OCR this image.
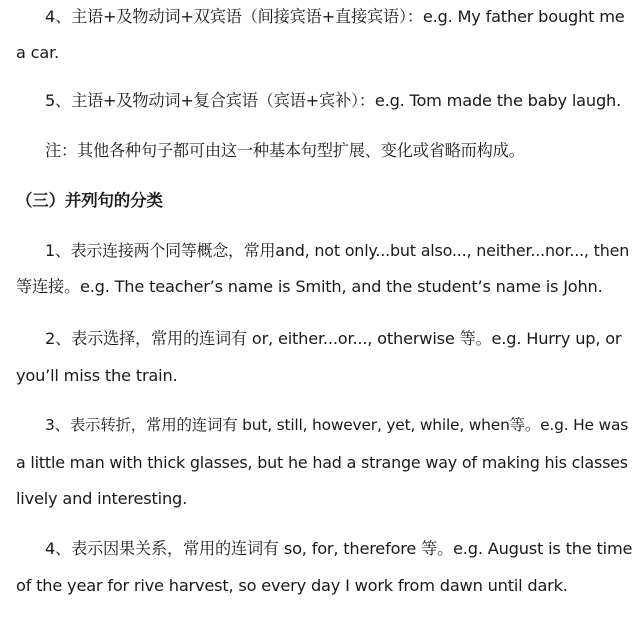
4、主语+及物动词+双宾语（间接宾语+直接宾语）：e.g. My father bought me
a car.
5、主语+及物动词+复合宾语（宾语+宾补）：e.g. Tom made the baby laugh.
注：其他各种句子都可由这一种基本句型扩展、变化或省略而构成。
（三）并列句的分类
1、表示连接两个同等概念，常用and, not only...but also..., neither...nor..., then
等连接。e.g. The teacher’s name is Smith, and the student’s name is John.
2、表示选择，常用的连词有 or, either...or..., otherwise 等。e.g. Hurry up, or
you’ll miss the train.
3、表示转折，常用的连词有 but, still, however, yet, while, when等。e.g. He was
a little man with thick glasses, but he had a strange way of making his classes
lively and interesting.
4、表示因果关系，常用的连词有 so, for, therefore 等。e.g. August is the time
of the year for rive harvest, so every day I work from dawn until dark.
